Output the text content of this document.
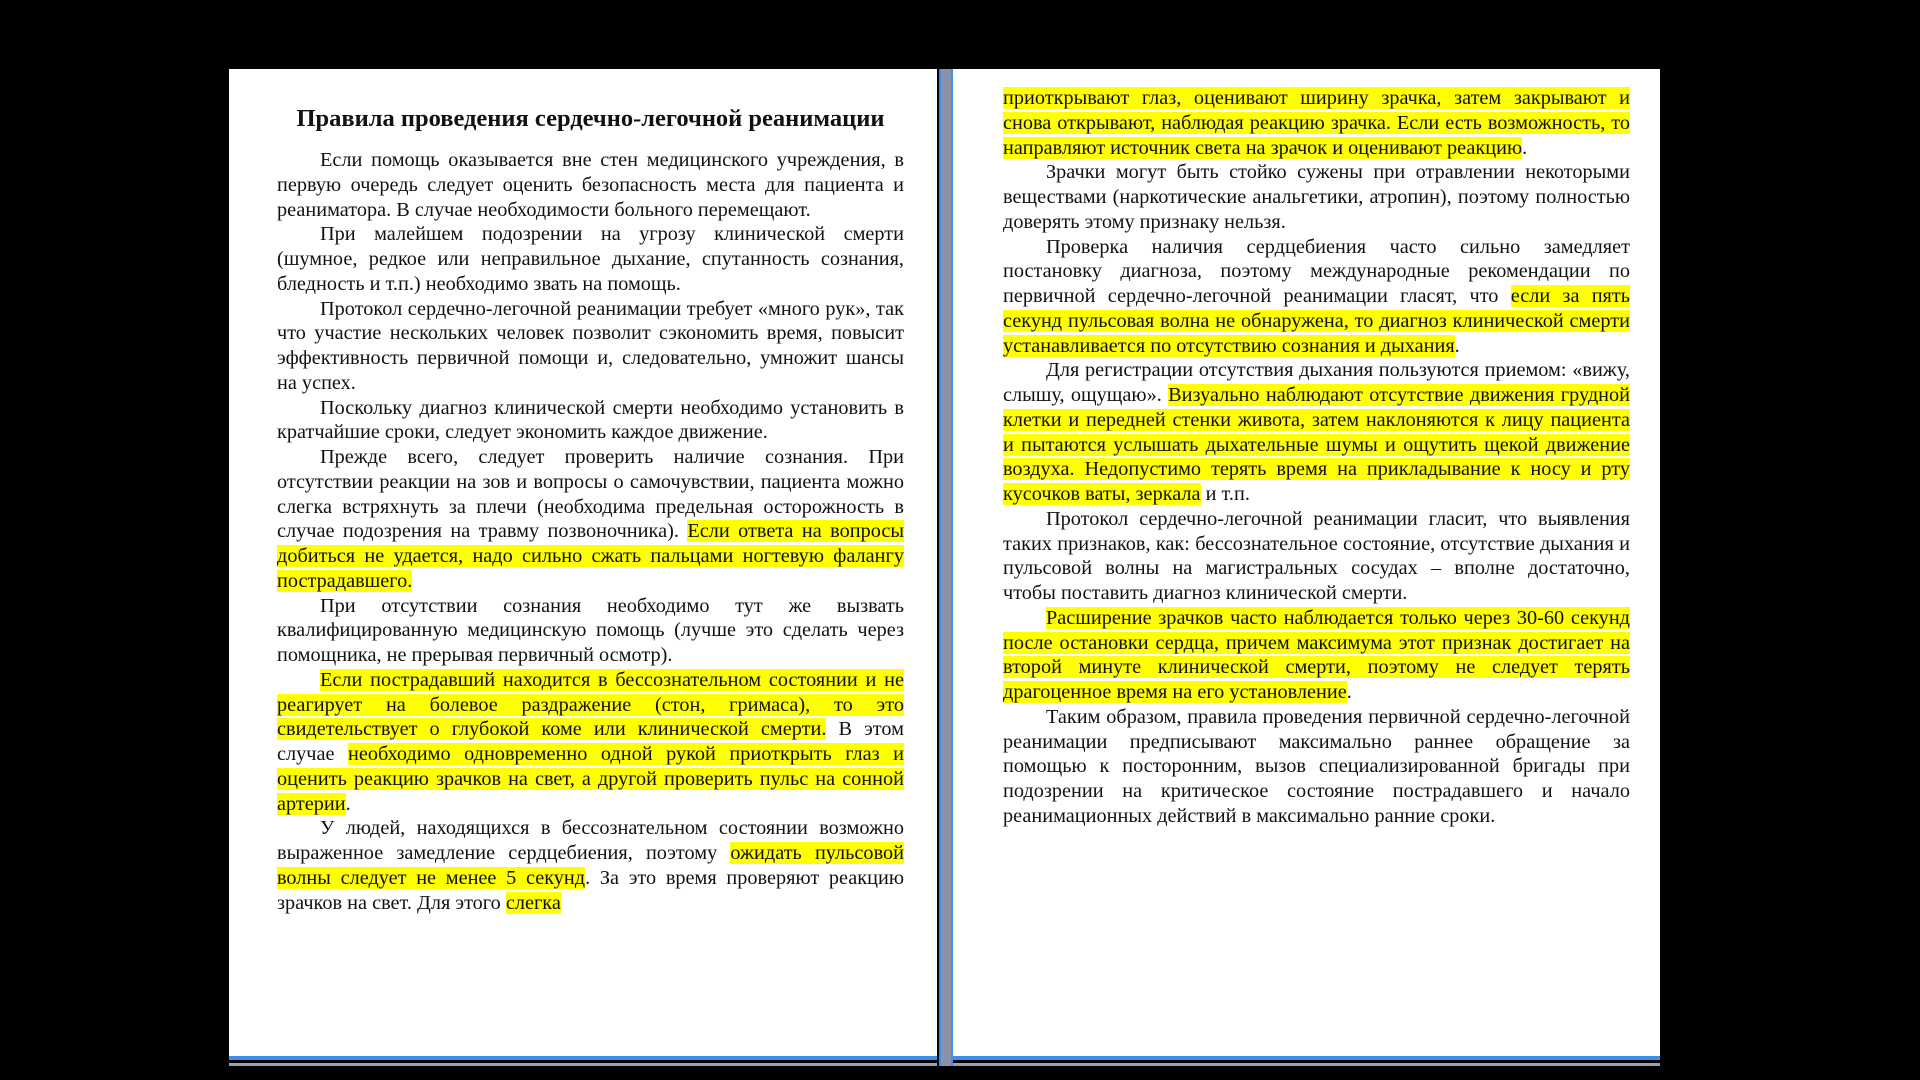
Правила проведения сердечно-легочной реанимации

Если помощь оказывается вне стен медицинского учреждения, в первую очередь следует оценить безопасность места для пациента и реаниматора. В случае необходимости больного перемещают.

При малейшем подозрении на угрозу клинической смерти (шумное, редкое или неправильное дыхание, спутанность сознания, бледность и т.п.) необходимо звать на помощь.

Протокол сердечно-легочной реанимации требует «много рук», так что участие нескольких человек позволит сэкономить время, повысит эффективность первичной помощи и, следовательно, умножит шансы на успех.

Поскольку диагноз клинической смерти необходимо установить в кратчайшие сроки, следует экономить каждое движение.

Прежде всего, следует проверить наличие сознания. При отсутствии реакции на зов и вопросы о самочувствии, пациента можно слегка встряхнуть за плечи (необходима предельная осторожность в случае подозрения на травму позвоночника). Если ответа на вопросы добиться не удается, надо сильно сжать пальцами ногтевую фалангу пострадавшего.

При отсутствии сознания необходимо тут же вызвать квалифицированную медицинскую помощь (лучше это сделать через помощника, не прерывая первичный осмотр).

Если пострадавший находится в бессознательном состоянии и не реагирует на болевое раздражение (стон, гримаса), то это свидетельствует о глубокой коме или клинической смерти. В этом случае необходимо одновременно одной рукой приоткрыть глаз и оценить реакцию зрачков на свет, а другой проверить пульс на сонной артерии.

У людей, находящихся в бессознательном состоянии возможно выраженное замедление сердцебиения, поэтому ожидать пульсовой волны следует не менее 5 секунд. За это время проверяют реакцию зрачков на свет. Для этого слегка

приоткрывают глаз, оценивают ширину зрачка, затем закрывают и снова открывают, наблюдая реакцию зрачка. Если есть возможность, то направляют источник света на зрачок и оценивают реакцию.

Зрачки могут быть стойко сужены при отравлении некоторыми веществами (наркотические анальгетики, атропин), поэтому полностью доверять этому признаку нельзя.

Проверка наличия сердцебиения часто сильно замедляет постановку диагноза, поэтому международные рекомендации по первичной сердечно-легочной реанимации гласят, что если за пять секунд пульсовая волна не обнаружена, то диагноз клинической смерти устанавливается по отсутствию сознания и дыхания.

Для регистрации отсутствия дыхания пользуются приемом: «вижу, слышу, ощущаю». Визуально наблюдают отсутствие движения грудной клетки и передней стенки живота, затем наклоняются к лицу пациента и пытаются услышать дыхательные шумы и ощутить щекой движение воздуха. Недопустимо терять время на прикладывание к носу и рту кусочков ваты, зеркала и т.п.

Протокол сердечно-легочной реанимации гласит, что выявления таких признаков, как: бессознательное состояние, отсутствие дыхания и пульсовой волны на магистральных сосудах – вполне достаточно, чтобы поставить диагноз клинической смерти.

Расширение зрачков часто наблюдается только через 30-60 секунд после остановки сердца, причем максимума этот признак достигает на второй минуте клинической смерти, поэтому не следует терять драгоценное время на его установление.

Таким образом, правила проведения первичной сердечно-легочной реанимации предписывают максимально раннее обращение за помощью к посторонним, вызов специализированной бригады при подозрении на критическое состояние пострадавшего и начало реанимационных действий в максимально ранние сроки.
